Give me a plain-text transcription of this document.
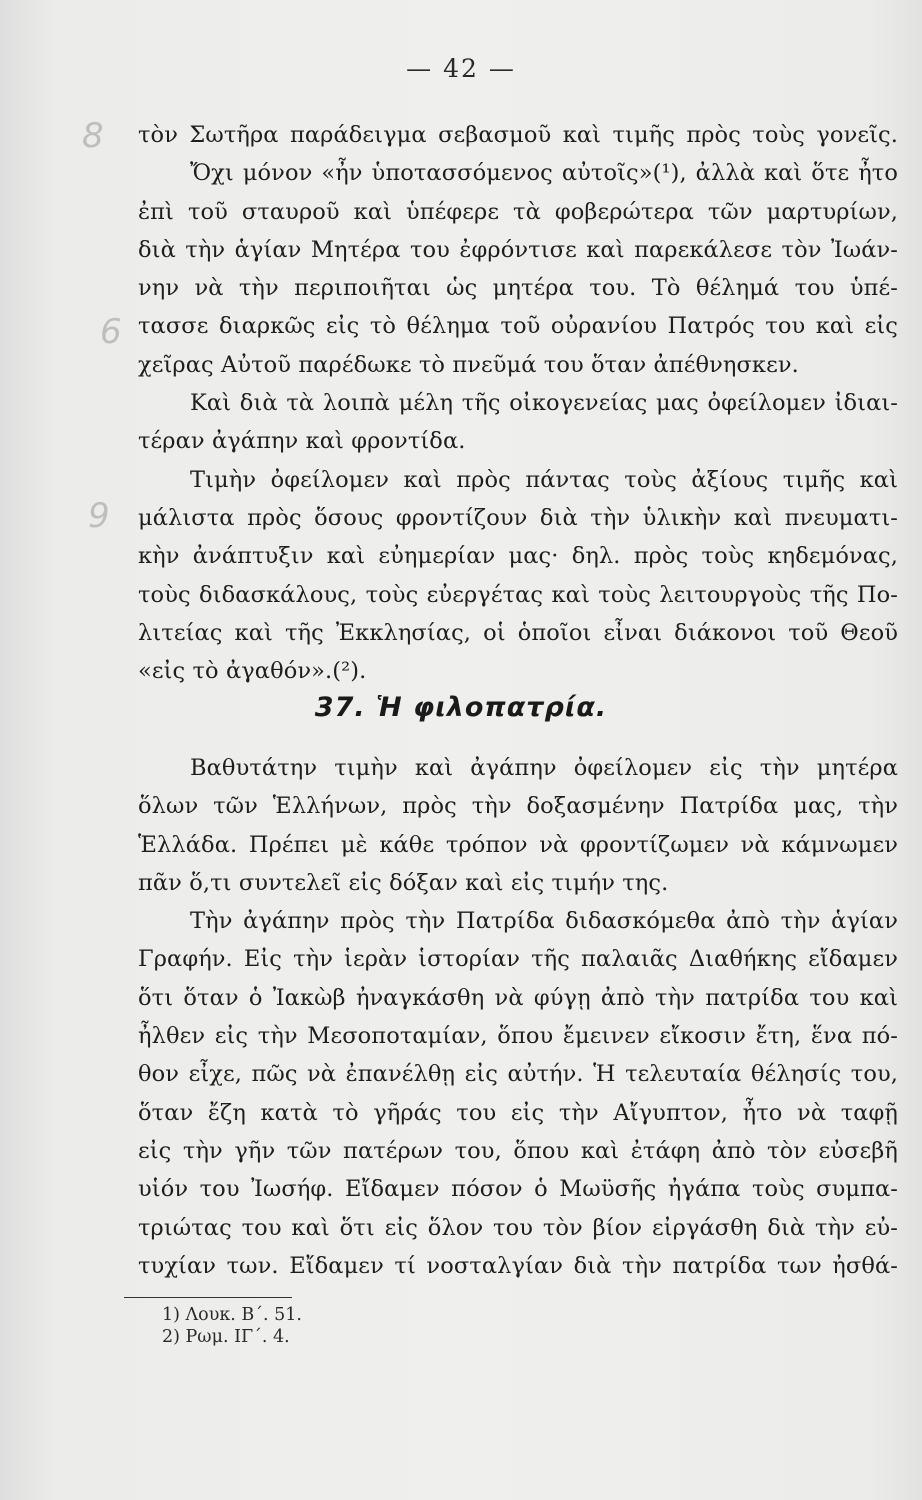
— 42 —
8
6
9
τὸν Σωτῆρα παράδειγμα σεβασμοῦ καὶ τιμῆς πρὸς τοὺς γονεῖς.
Ὄχι μόνον «ἦν ὑποτασσόμενος αὐτοῖς»(¹), ἀλλὰ καὶ ὅτε ἦτο
ἐπὶ τοῦ σταυροῦ καὶ ὑπέφερε τὰ φοβερώτερα τῶν μαρτυρίων,
διὰ τὴν ἁγίαν Μητέρα του ἐφρόντισε καὶ παρεκάλεσε τὸν Ἰωάν-
νην νὰ τὴν περιποιῆται ὡς μητέρα του. Τὸ θέλημά του ὑπέ-
τασσε διαρκῶς εἰς τὸ θέλημα τοῦ οὐρανίου Πατρός του καὶ εἰς
χεῖρας Αὐτοῦ παρέδωκε τὸ πνεῦμά του ὅταν ἀπέθνησκεν.
Καὶ διὰ τὰ λοιπὰ μέλη τῆς οἰκογενείας μας ὀφείλομεν ἰδιαι-
τέραν ἀγάπην καὶ φροντίδα.
Τιμὴν ὀφείλομεν καὶ πρὸς πάντας τοὺς ἀξίους τιμῆς καὶ
μάλιστα πρὸς ὅσους φροντίζουν διὰ τὴν ὑλικὴν καὶ πνευματι-
κὴν ἀνάπτυξιν καὶ εὐημερίαν μας· δηλ. πρὸς τοὺς κηδεμόνας,
τοὺς διδασκάλους, τοὺς εὐεργέτας καὶ τοὺς λειτουργοὺς τῆς Πο-
λιτείας καὶ τῆς Ἐκκλησίας, οἱ ὁποῖοι εἶναι διάκονοι τοῦ Θεοῦ
«εἰς τὸ ἀγαθόν».(²).
37. Ἡ φιλοπατρία.
Βαθυτάτην τιμὴν καὶ ἀγάπην ὀφείλομεν εἰς τὴν μητέρα
ὅλων τῶν Ἑλλήνων, πρὸς τὴν δοξασμένην Πατρίδα μας, τὴν
Ἑλλάδα. Πρέπει μὲ κάθε τρόπον νὰ φροντίζωμεν νὰ κάμνωμεν
πᾶν ὅ,τι συντελεῖ εἰς δόξαν καὶ εἰς τιμήν της.
Τὴν ἀγάπην πρὸς τὴν Πατρίδα διδασκόμεθα ἀπὸ τὴν ἁγίαν
Γραφήν. Εἰς τὴν ἱερὰν ἱστορίαν τῆς παλαιᾶς Διαθήκης εἴδαμεν
ὅτι ὅταν ὁ Ἰακὼβ ἠναγκάσθη νὰ φύγῃ ἀπὸ τὴν πατρίδα του καὶ
ἦλθεν εἰς τὴν Μεσοποταμίαν, ὅπου ἔμεινεν εἴκοσιν ἔτη, ἕνα πό-
θον εἶχε, πῶς νὰ ἐπανέλθῃ εἰς αὐτήν. Ἡ τελευταία θέλησίς του,
ὅταν ἔζη κατὰ τὸ γῆράς του εἰς τὴν Αἴγυπτον, ἦτο νὰ ταφῇ
εἰς τὴν γῆν τῶν πατέρων του, ὅπου καὶ ἐτάφη ἀπὸ τὸν εὐσεβῆ
υἱόν του Ἰωσήφ. Εἴδαμεν πόσον ὁ Μωϋσῆς ἠγάπα τοὺς συμπα-
τριώτας του καὶ ὅτι εἰς ὅλον του τὸν βίον εἰργάσθη διὰ τὴν εὐ-
τυχίαν των. Εἴδαμεν τί νοσταλγίαν διὰ τὴν πατρίδα των ἠσθά-
1) Λουκ. Β΄. 51.
2) Ρωμ. ΙΓ΄. 4.
